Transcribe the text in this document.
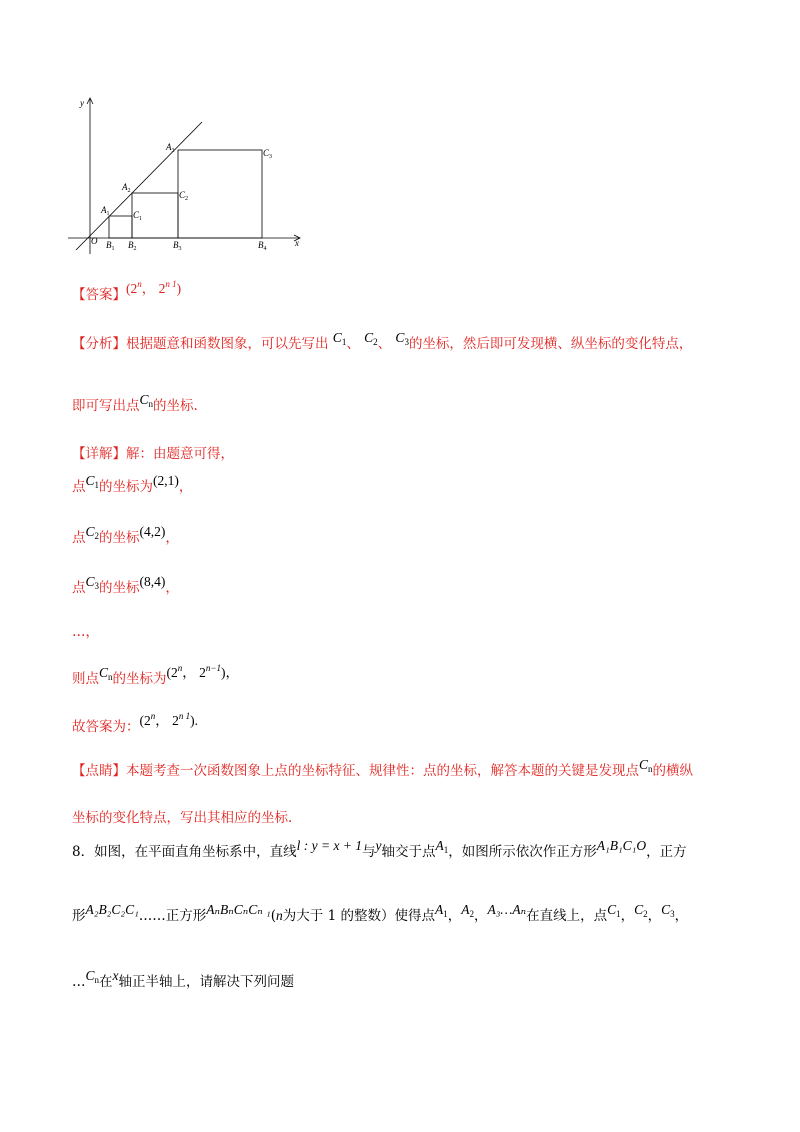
y
x
O
$A_1$
$A_2$
$A_3$
$C_1$
$C_2$
$C_3$
$B_1$ $B_2$	$B_3$	$B_4$
【答案】(2$^n$， $2^{n 1}$)
【分析】根据题意和函数图象，可以先写出 $C_1$、 $C_2$、 $C_3$的坐标，然后即可发现横、纵坐标的变化特点，
即可写出点$C_n$的坐标.
【详解】解：由题意可得，
点$C_1$的坐标为(2,1)，
点$C_2$的坐标(4,2)，
点$C_3$的坐标(8,4)，
…，
则点$C_n$的坐标为(2$^n$， $2^{n-1}$)，
故答案为：(2$^n$， $2^{n 1}$).
【点睛】本题考查一次函数图象上点的坐标特征、规律性：点的坐标，解答本题的关键是发现点$C_n$的横纵
坐标的变化特点，写出其相应的坐标.
8．如图，在平面直角坐标系中，直线l : y = x + 1与y轴交于点$A_1$，如图所示依次作正方形A₁B₁C₁O，正方
形A₂B₂C₂C₁……正方形AₙBₙCₙCₙ ₁(n为大于 1 的整数）使得点$A_1$，$A_2$，A₃…Aₙ在直线上，点$C_1$，$C_2$，$C_3$，
$\dots C_n$在x轴正半轴上，请解决下列问题
